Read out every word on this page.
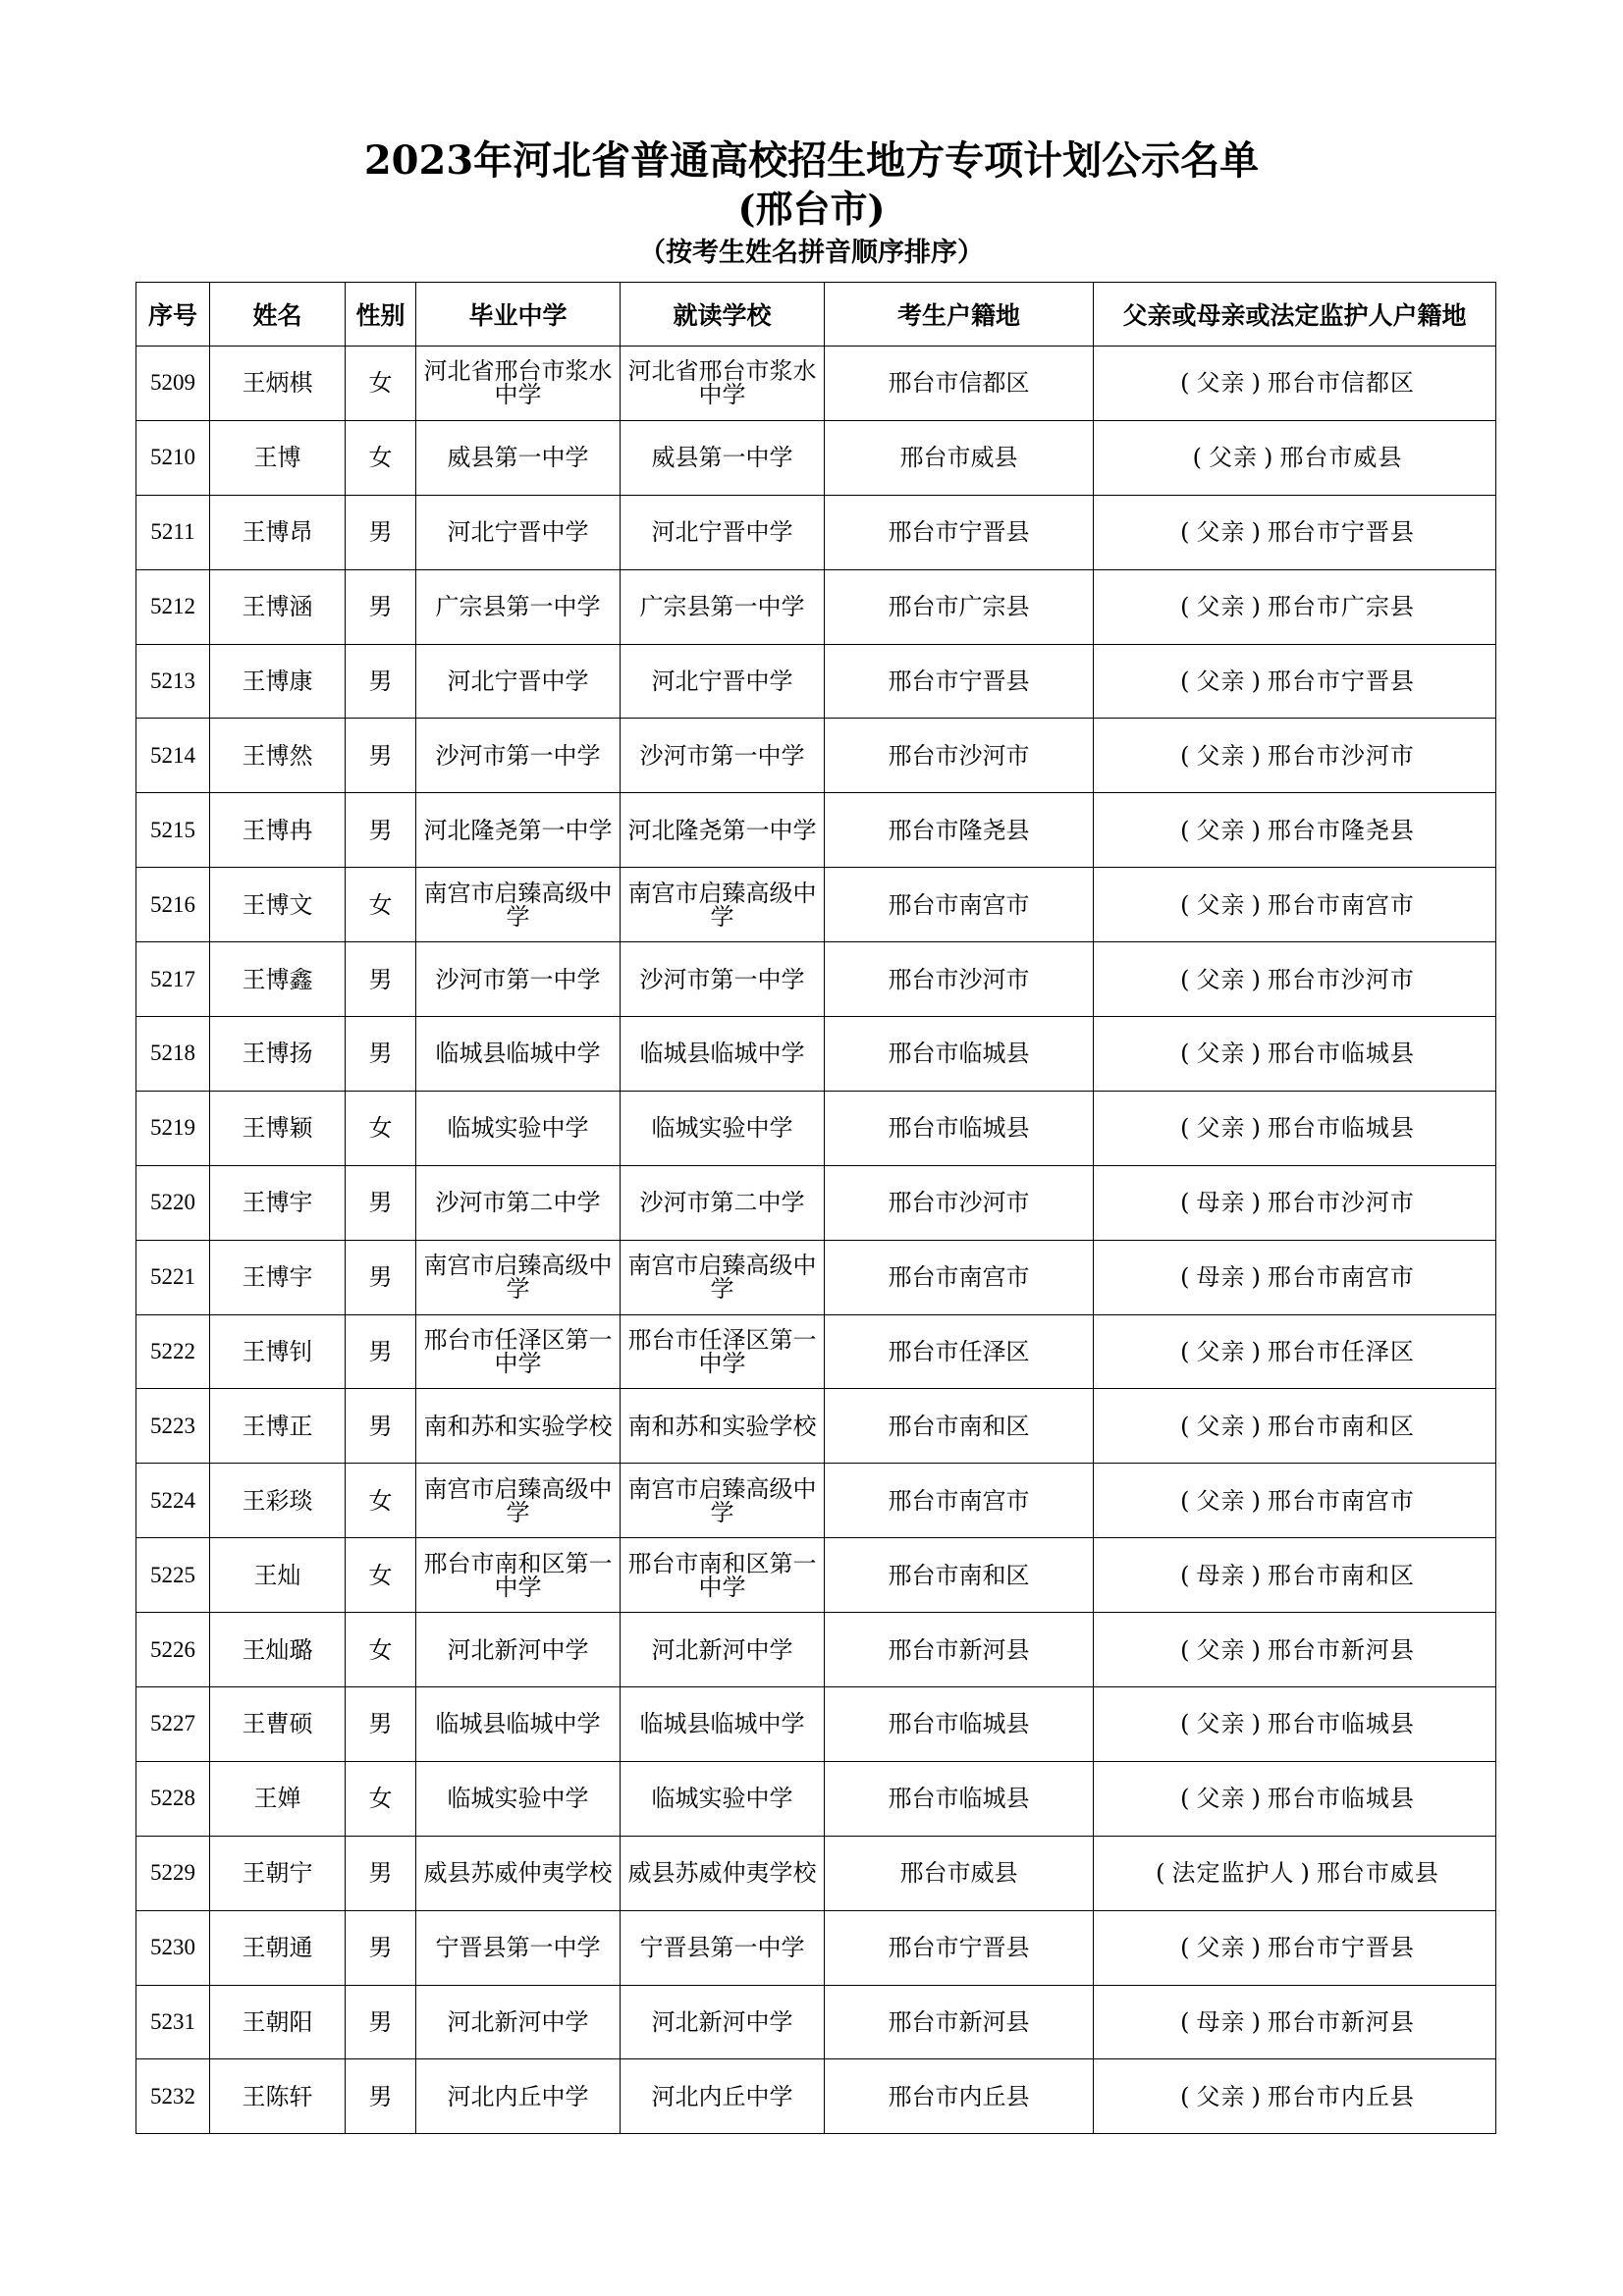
2023年河北省普通高校招生地方专项计划公示名单
(邢台市)
（按考生姓名拼音顺序排序）
序号	姓名	性别	毕业中学	就读学校	考生户籍地	父亲或母亲或法定监护人户籍地
5209	王炳棋	女	河北省邢台市浆水中学	河北省邢台市浆水中学	邢台市信都区	( 父亲 ) 邢台市信都区
5210	王博	女	威县第一中学	威县第一中学	邢台市威县	( 父亲 ) 邢台市威县
5211	王博昂	男	河北宁晋中学	河北宁晋中学	邢台市宁晋县	( 父亲 ) 邢台市宁晋县
5212	王博涵	男	广宗县第一中学	广宗县第一中学	邢台市广宗县	( 父亲 ) 邢台市广宗县
5213	王博康	男	河北宁晋中学	河北宁晋中学	邢台市宁晋县	( 父亲 ) 邢台市宁晋县
5214	王博然	男	沙河市第一中学	沙河市第一中学	邢台市沙河市	( 父亲 ) 邢台市沙河市
5215	王博冉	男	河北隆尧第一中学	河北隆尧第一中学	邢台市隆尧县	( 父亲 ) 邢台市隆尧县
5216	王博文	女	南宫市启臻高级中学	南宫市启臻高级中学	邢台市南宫市	( 父亲 ) 邢台市南宫市
5217	王博鑫	男	沙河市第一中学	沙河市第一中学	邢台市沙河市	( 父亲 ) 邢台市沙河市
5218	王博扬	男	临城县临城中学	临城县临城中学	邢台市临城县	( 父亲 ) 邢台市临城县
5219	王博颖	女	临城实验中学	临城实验中学	邢台市临城县	( 父亲 ) 邢台市临城县
5220	王博宇	男	沙河市第二中学	沙河市第二中学	邢台市沙河市	( 母亲 ) 邢台市沙河市
5221	王博宇	男	南宫市启臻高级中学	南宫市启臻高级中学	邢台市南宫市	( 母亲 ) 邢台市南宫市
5222	王博钊	男	邢台市任泽区第一中学	邢台市任泽区第一中学	邢台市任泽区	( 父亲 ) 邢台市任泽区
5223	王博正	男	南和苏和实验学校	南和苏和实验学校	邢台市南和区	( 父亲 ) 邢台市南和区
5224	王彩琰	女	南宫市启臻高级中学	南宫市启臻高级中学	邢台市南宫市	( 父亲 ) 邢台市南宫市
5225	王灿	女	邢台市南和区第一中学	邢台市南和区第一中学	邢台市南和区	( 母亲 ) 邢台市南和区
5226	王灿璐	女	河北新河中学	河北新河中学	邢台市新河县	( 父亲 ) 邢台市新河县
5227	王曹硕	男	临城县临城中学	临城县临城中学	邢台市临城县	( 父亲 ) 邢台市临城县
5228	王婵	女	临城实验中学	临城实验中学	邢台市临城县	( 父亲 ) 邢台市临城县
5229	王朝宁	男	威县苏威仲夷学校	威县苏威仲夷学校	邢台市威县	( 法定监护人 ) 邢台市威县
5230	王朝通	男	宁晋县第一中学	宁晋县第一中学	邢台市宁晋县	( 父亲 ) 邢台市宁晋县
5231	王朝阳	男	河北新河中学	河北新河中学	邢台市新河县	( 母亲 ) 邢台市新河县
5232	王陈轩	男	河北内丘中学	河北内丘中学	邢台市内丘县	( 父亲 ) 邢台市内丘县
